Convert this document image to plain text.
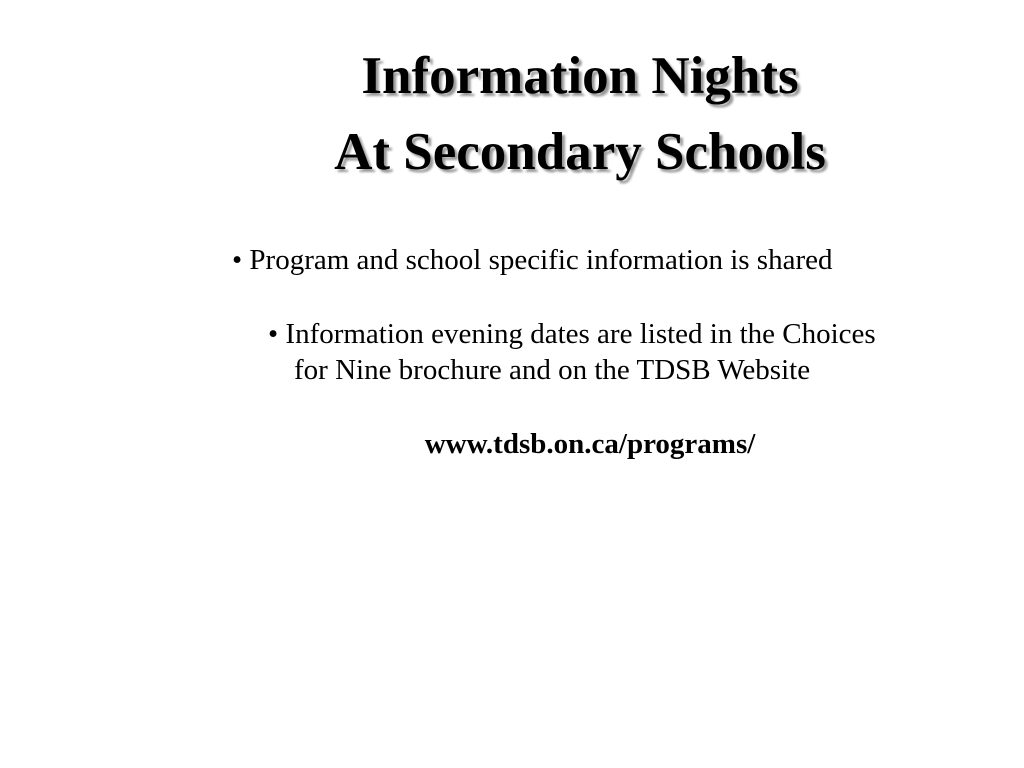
Information Nights
At Secondary Schools
• Program and school specific information is shared
• Information evening dates are listed in the Choices
for Nine brochure and on the TDSB Website
www.tdsb.on.ca/programs/
